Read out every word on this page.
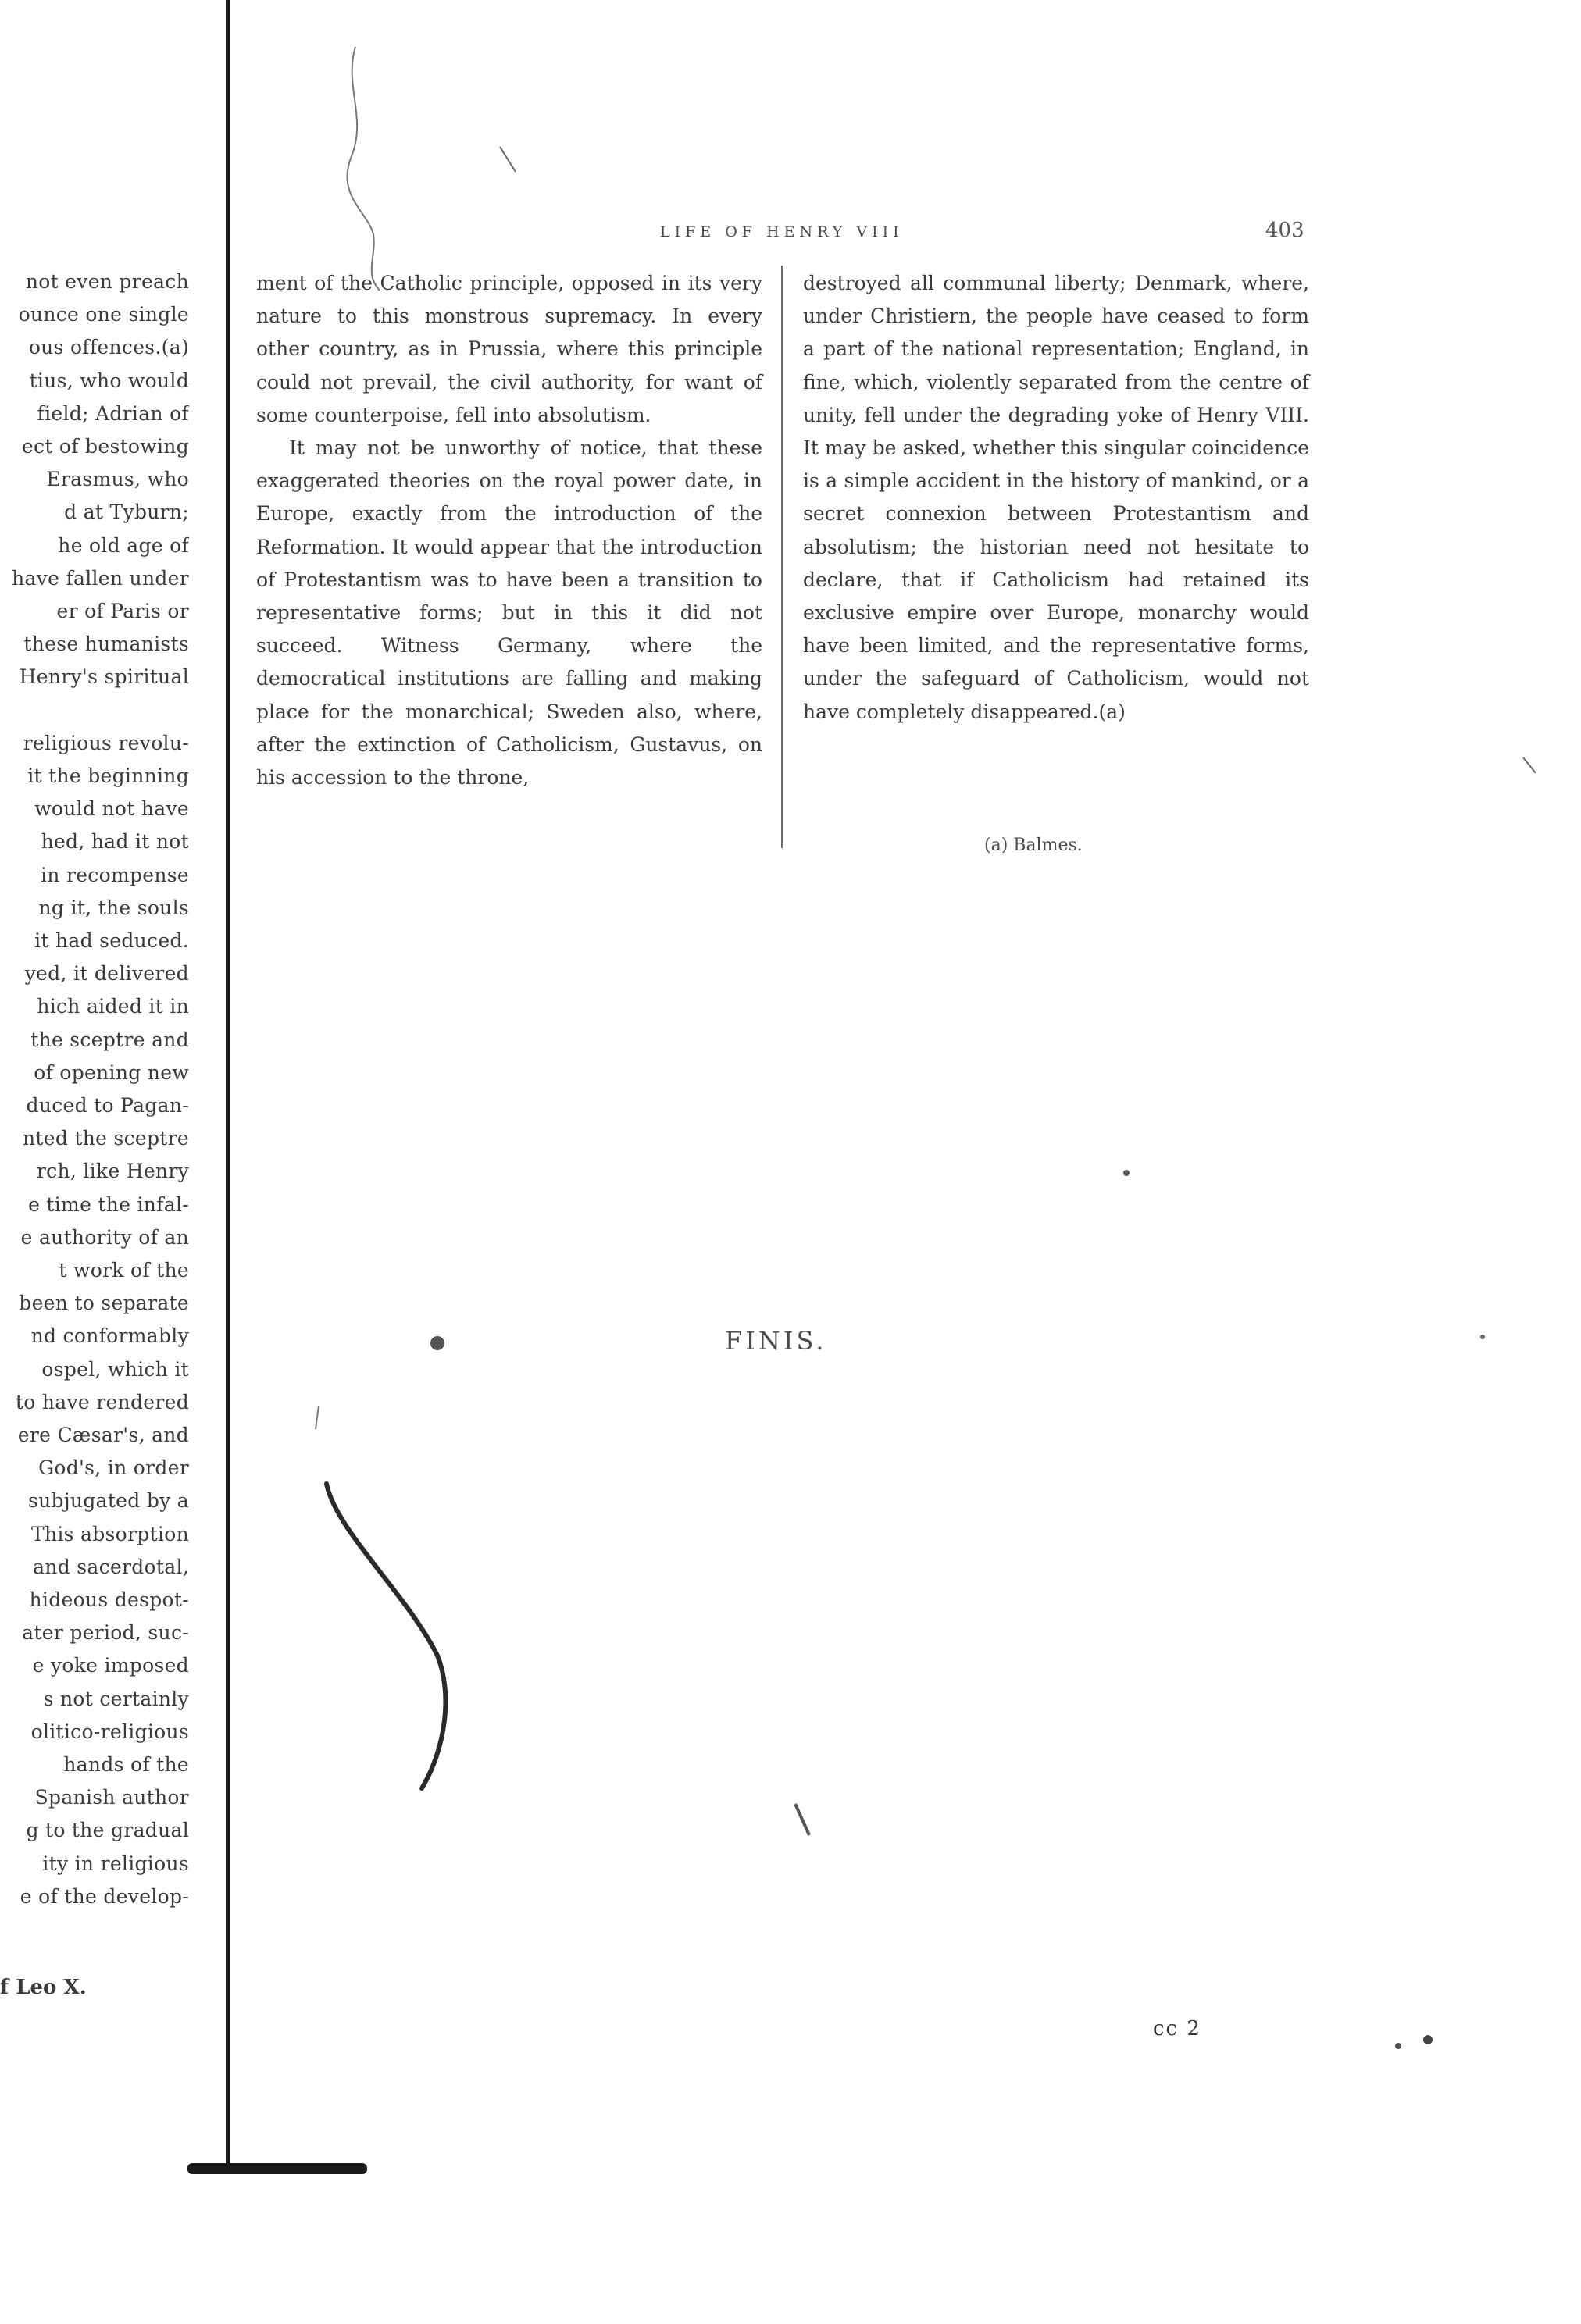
not even preach
ounce one single
ous offences.(a)
tius, who would
field; Adrian of
ect of bestowing
Erasmus, who
d at Tyburn;
he old age of
have fallen under
er of Paris or
these humanists
Henry's spiritual
religious revolu-
it the beginning
would not have
hed, had it not
in recompense
ng it, the souls
it had seduced.
yed, it delivered
hich aided it in
the sceptre and
of opening new
duced to Pagan-
nted the sceptre
rch, like Henry
e time the infal-
e authority of an
t work of the
been to separate
nd conformably
ospel, which it
to have rendered
ere Cæsar's, and
God's, in order
subjugated by a
This absorption
and sacerdotal,
hideous despot-
ater period, suc-
e yoke imposed
s not certainly
olitico-religious
hands of the
Spanish author
g to the gradual
ity in religious
e of the develop-
f Leo X.
LIFE OF HENRY VIII	403

ment of the Catholic principle, opposed in its very nature to this monstrous supremacy. In every other country, as in Prussia, where this principle could not prevail, the civil authority, for want of some counterpoise, fell into absolutism.

It may not be unworthy of notice, that these exaggerated theories on the royal power date, in Europe, exactly from the introduction of the Reformation. It would appear that the introduction of Protestantism was to have been a transition to representative forms; but in this it did not succeed. Witness Germany, where the democratical institutions are falling and making place for the monarchical; Sweden also, where, after the extinction of Catholicism, Gustavus, on his accession to the throne,

destroyed all communal liberty; Denmark, where, under Christiern, the people have ceased to form a part of the national representation; England, in fine, which, violently separated from the centre of unity, fell under the degrading yoke of Henry VIII. It may be asked, whether this singular coincidence is a simple accident in the history of mankind, or a secret connexion between Protestantism and absolutism; the historian need not hesitate to declare, that if Catholicism had retained its exclusive empire over Europe, monarchy would have been limited, and the representative forms, under the safeguard of Catholicism, would not have completely disappeared.(a)

(a) Balmes.
FINIS.
cc 2
